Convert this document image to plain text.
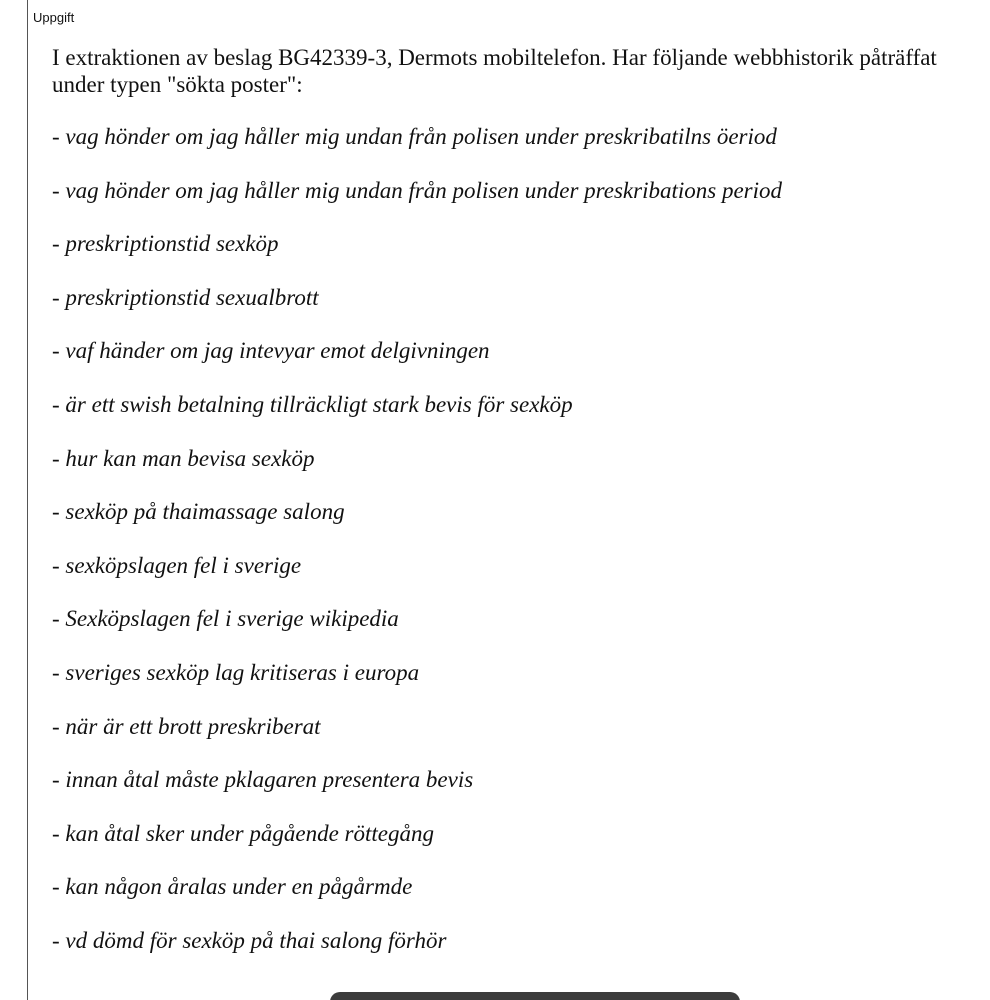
Uppgift

I extraktionen av beslag BG42339-3, Dermots mobiltelefon. Har följande webbhistorik påträffat under typen "sökta poster":

- vag hönder om jag håller mig undan från polisen under preskribatilns öeriod
- vag hönder om jag håller mig undan från polisen under preskribations period
- preskriptionstid sexköp
- preskriptionstid sexualbrott
- vaf händer om jag intevyar emot delgivningen
- är ett swish betalning tillräckligt stark bevis för sexköp
- hur kan man bevisa sexköp
- sexköp på thaimassage salong
- sexköpslagen fel i sverige
- Sexköpslagen fel i sverige wikipedia
- sveriges sexköp lag kritiseras i europa
- när är ett brott preskriberat
- innan åtal måste pklagaren presentera bevis
- kan åtal sker under pågående röttegång
- kan någon åralas under en pågårmde
- vd dömd för sexköp på thai salong förhör
